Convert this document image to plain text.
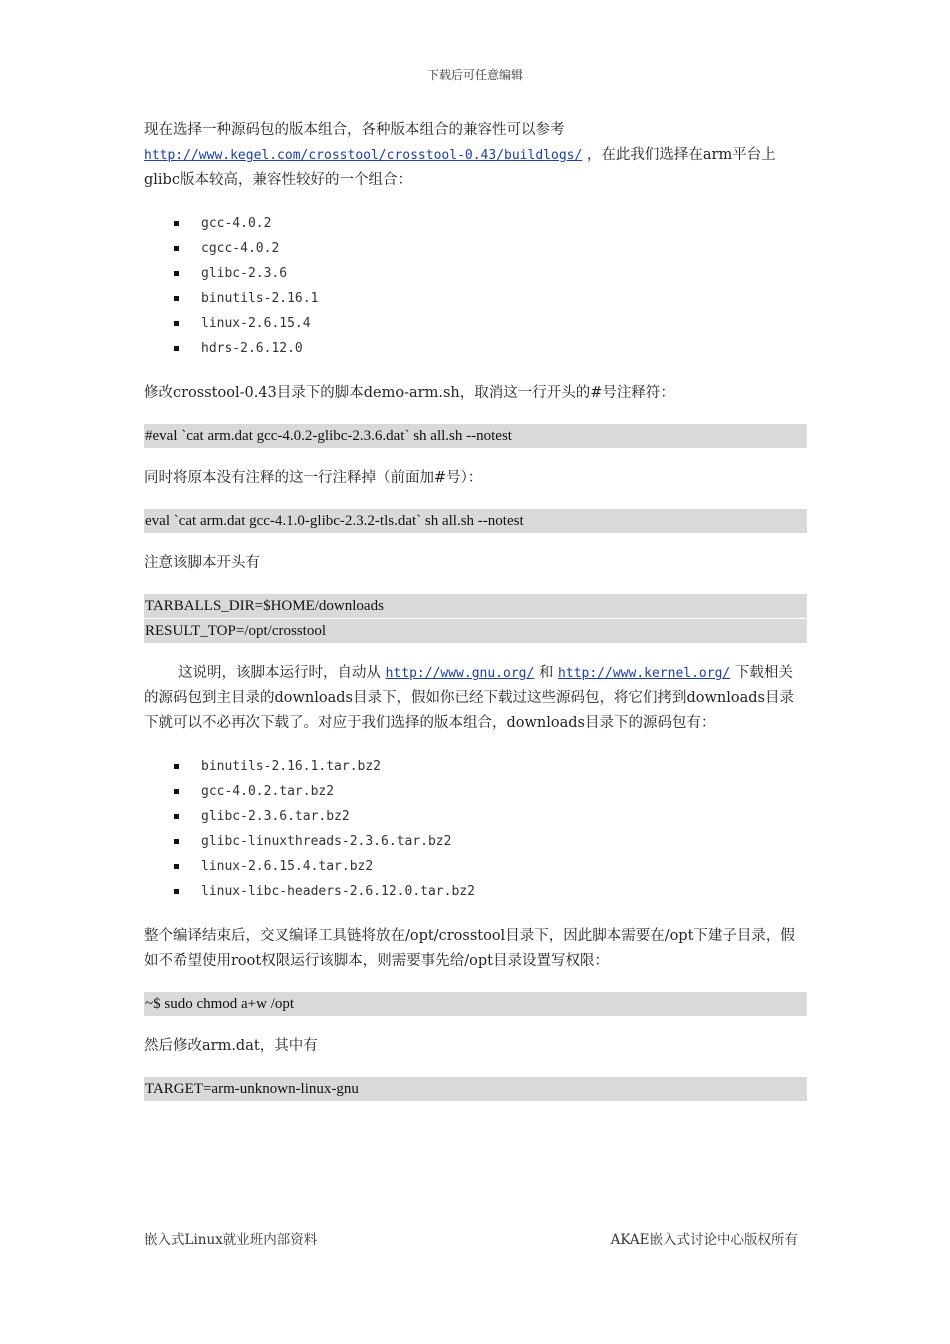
下载后可任意编辑

现在选择一种源码包的版本组合，各种版本组合的兼容性可以参考
http://www.kegel.com/crosstool/crosstool-0.43/buildlogs/ ，在此我们选择在arm平台上glibc版本较高，兼容性较好的一个组合：

gcc-4.0.2
cgcc-4.0.2
glibc-2.3.6
binutils-2.16.1
linux-2.6.15.4
hdrs-2.6.12.0

修改crosstool-0.43目录下的脚本demo-arm.sh，取消这一行开头的#号注释符：

#eval `cat arm.dat gcc-4.0.2-glibc-2.3.6.dat` sh all.sh --notest

同时将原本没有注释的这一行注释掉（前面加#号）：

eval `cat arm.dat gcc-4.1.0-glibc-2.3.2-tls.dat` sh all.sh --notest

注意该脚本开头有

TARBALLS_DIR=$HOME/downloads
RESULT_TOP=/opt/crosstool

这说明，该脚本运行时，自动从 http://www.gnu.org/ 和 http://www.kernel.org/ 下载相关的源码包到主目录的downloads目录下，假如你已经下载过这些源码包，将它们拷到downloads目录下就可以不必再次下载了。对应于我们选择的版本组合，downloads目录下的源码包有：

binutils-2.16.1.tar.bz2
gcc-4.0.2.tar.bz2
glibc-2.3.6.tar.bz2
glibc-linuxthreads-2.3.6.tar.bz2
linux-2.6.15.4.tar.bz2
linux-libc-headers-2.6.12.0.tar.bz2

整个编译结束后，交叉编译工具链将放在/opt/crosstool目录下，因此脚本需要在/opt下建子目录，假如不希望使用root权限运行该脚本，则需要事先给/opt目录设置写权限：

~$ sudo chmod a+w /opt

然后修改arm.dat，其中有

TARGET=arm-unknown-linux-gnu
嵌入式Linux就业班内部资料	AKAE嵌入式讨论中心版权所有
